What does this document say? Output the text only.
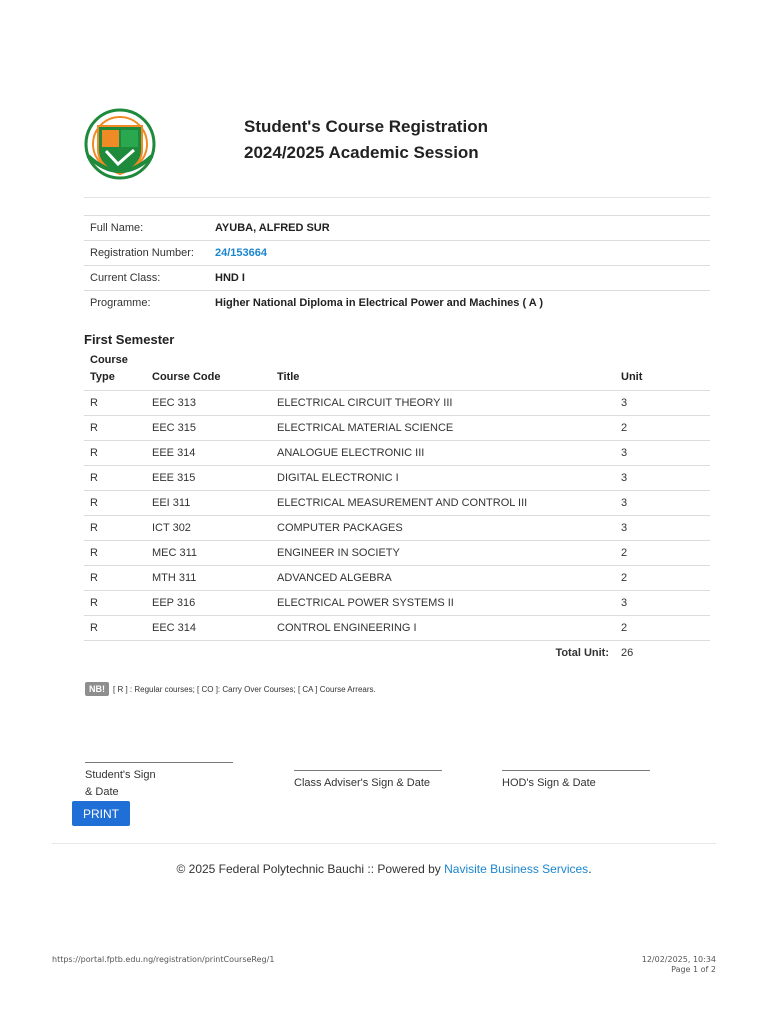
Student's Course Registration
2024/2025 Academic Session
Full Name:	AYUBA, ALFRED SUR
Registration Number:	24/153664
Current Class:	HND I
Programme:	Higher National Diploma in Electrical Power and Machines ( A )
First Semester
Course Type	Course Code	Title	Unit
R	EEC 313	ELECTRICAL CIRCUIT THEORY III	3
R	EEC 315	ELECTRICAL MATERIAL SCIENCE	2
R	EEE 314	ANALOGUE ELECTRONIC III	3
R	EEE 315	DIGITAL ELECTRONIC I	3
R	EEI 311	ELECTRICAL MEASUREMENT AND CONTROL III	3
R	ICT 302	COMPUTER PACKAGES	3
R	MEC 311	ENGINEER IN SOCIETY	2
R	MTH 311	ADVANCED ALGEBRA	2
R	EEP 316	ELECTRICAL POWER SYSTEMS II	3
R	EEC 314	CONTROL ENGINEERING I	2
Total Unit:			26
NB!	[ R ] : Regular courses; [ CO ]: Carry Over Courses; [ CA ] Course Arrears.
Student's Sign & Date
Class Adviser's Sign & Date	HOD's Sign & Date
PRINT
© 2025 Federal Polytechnic Bauchi :: Powered by Navisite Business Services.
https://portal.fptb.edu.ng/registration/printCourseReg/1	12/02/2025, 10:34
Page 1 of 2
